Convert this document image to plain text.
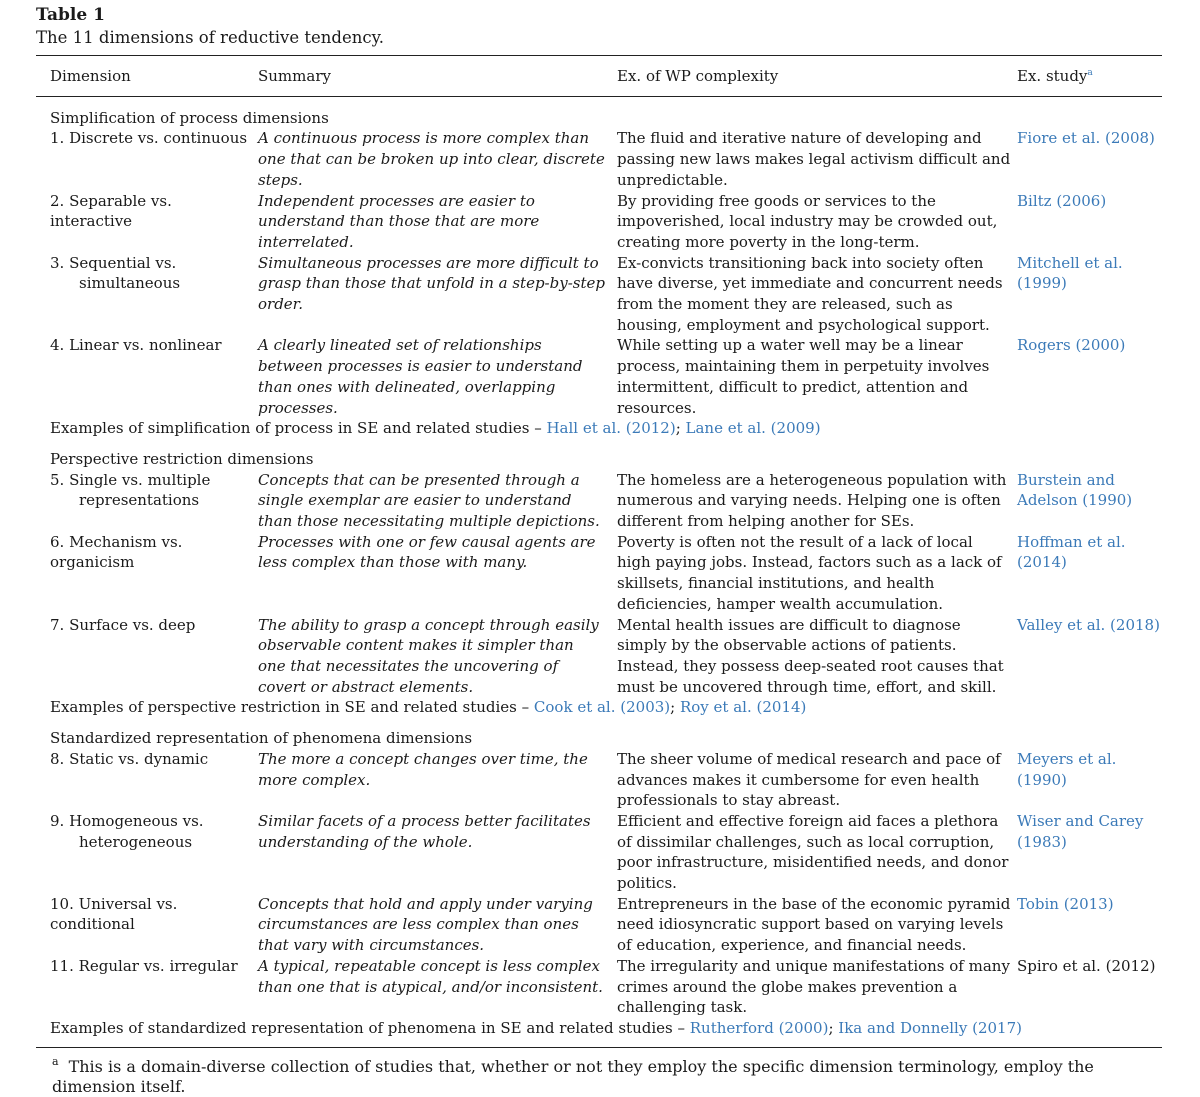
Table 1
The 11 dimensions of reductive tendency.
Dimension	Summary	Ex. of WP complexity	Ex. study$^a$
Simplification of process dimensions			
1. Discrete vs. continuous	A continuous process is more complex than one that can be broken up into clear, discrete steps.	The fluid and iterative nature of developing and passing new laws makes legal activism difficult and unpredictable.	Fiore et al. (2008)
2. Separable vs. interactive	Independent processes are easier to understand than those that are more interrelated.	By providing free goods or services to the impoverished, local industry may be crowded out, creating more poverty in the long-term.	Biltz (2006)
3. Sequential vs.
simultaneous	Simultaneous processes are more difficult to grasp than those that unfold in a step-by-step order.	Ex-convicts transitioning back into society often have diverse, yet immediate and concurrent needs from the moment they are released, such as housing, employment and psychological support.	Mitchell et al. (1999)
4. Linear vs. nonlinear	A clearly lineated set of relationships between processes is easier to understand than ones with delineated, overlapping processes.	While setting up a water well may be a linear process, maintaining them in perpetuity involves intermittent, difficult to predict, attention and resources.	Rogers (2000)
Examples of simplification of process in SE and related studies – Hall et al. (2012); Lane et al. (2009)			
Perspective restriction dimensions			
5. Single vs. multiple
representations	Concepts that can be presented through a single exemplar are easier to understand than those necessitating multiple depictions.	The homeless are a heterogeneous population with numerous and varying needs. Helping one is often different from helping another for SEs.	Burstein and Adelson (1990)
6. Mechanism vs. organicism	Processes with one or few causal agents are less complex than those with many.	Poverty is often not the result of a lack of local high paying jobs. Instead, factors such as a lack of skillsets, financial institutions, and health deficiencies, hamper wealth accumulation.	Hoffman et al. (2014)
7. Surface vs. deep	The ability to grasp a concept through easily observable content makes it simpler than one that necessitates the uncovering of covert or abstract elements.	Mental health issues are difficult to diagnose simply by the observable actions of patients. Instead, they possess deep-seated root causes that must be uncovered through time, effort, and skill.	Valley et al. (2018)
Examples of perspective restriction in SE and related studies – Cook et al. (2003); Roy et al. (2014)			
Standardized representation of phenomena dimensions			
8. Static vs. dynamic	The more a concept changes over time, the more complex.	The sheer volume of medical research and pace of advances makes it cumbersome for even health professionals to stay abreast.	Meyers et al. (1990)
9. Homogeneous vs.
heterogeneous	Similar facets of a process better facilitates understanding of the whole.	Efficient and effective foreign aid faces a plethora of dissimilar challenges, such as local corruption, poor infrastructure, misidentified needs, and donor politics.	Wiser and Carey (1983)
10. Universal vs. conditional	Concepts that hold and apply under varying circumstances are less complex than ones that vary with circumstances.	Entrepreneurs in the base of the economic pyramid need idiosyncratic support based on varying levels of education, experience, and financial needs.	Tobin (2013)
11. Regular vs. irregular	A typical, repeatable concept is less complex than one that is atypical, and/or inconsistent.	The irregularity and unique manifestations of many crimes around the globe makes prevention a challenging task.	Spiro et al. (2012)
Examples of standardized representation of phenomena in SE and related studies – Rutherford (2000); Ika and Donnelly (2017)			
$^a$ This is a domain-diverse collection of studies that, whether or not they employ the specific dimension terminology, employ the dimension itself.
